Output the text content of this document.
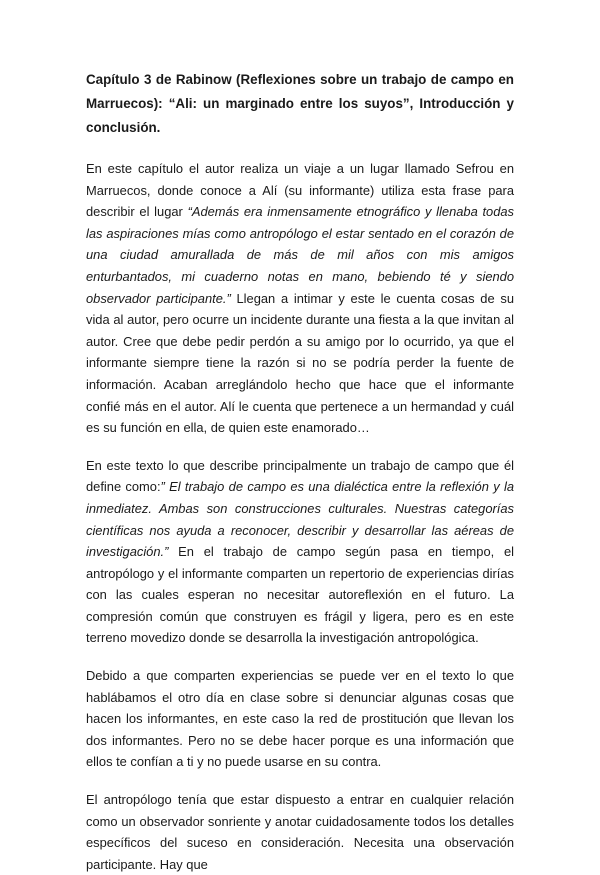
Capítulo 3 de Rabinow (Reflexiones sobre un trabajo de campo en Marruecos): “Ali: un marginado entre los suyos”, Introducción y conclusión.

En este capítulo el autor realiza un viaje a un lugar llamado Sefrou en Marruecos, donde conoce a Alí (su informante) utiliza esta frase para describir el lugar “Además era inmensamente etnográfico y llenaba todas las aspiraciones mías como antropólogo el estar sentado en el corazón de una ciudad amurallada de más de mil años con mis amigos enturbantados, mi cuaderno notas en mano, bebiendo té y siendo observador participante.” Llegan a intimar y este le cuenta cosas de su vida al autor, pero ocurre un incidente durante una fiesta a la que invitan al autor. Cree que debe pedir perdón a su amigo por lo ocurrido, ya que el informante siempre tiene la razón si no se podría perder la fuente de información. Acaban arreglándolo hecho que hace que el informante confié más en el autor. Alí le cuenta que pertenece a un hermandad y cuál es su función en ella, de quien este enamorado…

En este texto lo que describe principalmente un trabajo de campo que él define como:” El trabajo de campo es una dialéctica entre la reflexión y la inmediatez. Ambas son construcciones culturales. Nuestras categorías científicas nos ayuda a reconocer, describir y desarrollar las aéreas de investigación.” En el trabajo de campo según pasa en tiempo, el antropólogo y el informante comparten un repertorio de experiencias dirías con las cuales esperan no necesitar autoreflexión en el futuro. La compresión común que construyen es frágil y ligera, pero es en este terreno movedizo donde se desarrolla la investigación antropológica.

Debido a que comparten experiencias se puede ver en el texto lo que hablábamos el otro día en clase sobre si denunciar algunas cosas que hacen los informantes, en este caso la red de prostitución que llevan los dos informantes. Pero no se debe hacer porque es una información que ellos te confían a ti y no puede usarse en su contra.

El antropólogo tenía que estar dispuesto a entrar en cualquier relación como un observador sonriente y anotar cuidadosamente todos los detalles específicos del suceso en consideración. Necesita una observación participante. Hay que
